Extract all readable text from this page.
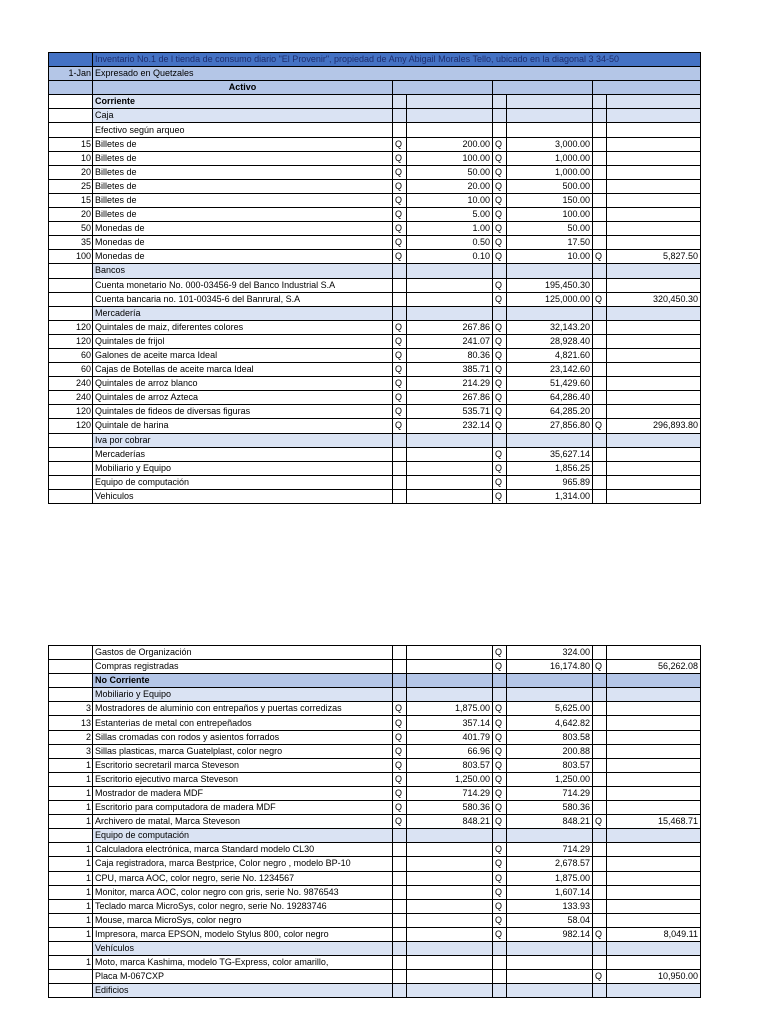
	Inventario No.1 de l tienda de consumo diario "El Provenir", propiedad de Amy Abigail Morales Tello, ubicado en la diagonal 3 34-50						
1-Jan	Expresado en Quetzales						
	Activo						
	Corriente						
	Caja						
	Efectivo según arqueo						
15	Billetes de	Q	200.00	Q	3,000.00		
10	Billetes de	Q	100.00	Q	1,000.00		
20	Billetes de	Q	50.00	Q	1,000.00		
25	Billetes de	Q	20.00	Q	500.00		
15	Billetes de	Q	10.00	Q	150.00		
20	Billetes de	Q	5.00	Q	100.00		
50	Monedas de	Q	1.00	Q	50.00		
35	Monedas de	Q	0.50	Q	17.50		
100	Monedas de	Q	0.10	Q	10.00	Q	5,827.50
	Bancos						
	Cuenta monetario No. 000-03456-9 del Banco Industrial S.A			Q	195,450.30		
	Cuenta bancaria no. 101-00345-6 del Banrural, S.A			Q	125,000.00	Q	320,450.30
	Mercadería						
120	Quintales de maiz, diferentes colores	Q	267.86	Q	32,143.20		
120	Quintales de frijol	Q	241.07	Q	28,928.40		
60	Galones de aceite marca Ideal	Q	80.36	Q	4,821.60		
60	Cajas de Botellas de aceite marca Ideal	Q	385.71	Q	23,142.60		
240	Quintales de arroz blanco	Q	214.29	Q	51,429.60		
240	Quintales de arroz Azteca	Q	267.86	Q	64,286.40		
120	Quintales de fideos de diversas figuras	Q	535.71	Q	64,285.20		
120	Quintale de harina	Q	232.14	Q	27,856.80	Q	296,893.80
	Iva por cobrar						
	Mercaderías			Q	35,627.14		
	Mobiliario y Equipo			Q	1,856.25		
	Equipo de computación			Q	965.89		
	Vehiculos			Q	1,314.00		
	Gastos de Organización			Q	324.00		
	Compras registradas			Q	16,174.80	Q	56,262.08
	No Corriente						
	Mobiliario y Equipo						
3	Mostradores de aluminio con entrepaños y puertas corredizas	Q	1,875.00	Q	5,625.00		
13	Estanterias de metal con entrepeñados	Q	357.14	Q	4,642.82		
2	Sillas cromadas con rodos y asientos forrados	Q	401.79	Q	803.58		
3	Sillas plasticas, marca Guatelplast, color negro	Q	66.96	Q	200.88		
1	Escritorio secretaril marca Steveson	Q	803.57	Q	803.57		
1	Escritorio ejecutivo marca Steveson	Q	1,250.00	Q	1,250.00		
1	Mostrador de madera MDF	Q	714.29	Q	714.29		
1	Escritorio para computadora de madera MDF	Q	580.36	Q	580.36		
1	Archivero de matal, Marca Steveson	Q	848.21	Q	848.21	Q	15,468.71
	Equipo de computación						
1	Calculadora electrónica, marca Standard modelo CL30			Q	714.29		
1	Caja registradora, marca Bestprice, Color negro , modelo BP-10			Q	2,678.57		
1	CPU, marca AOC, color negro, serie No. 1234567			Q	1,875.00		
1	Monitor, marca AOC, color negro con gris, serie No. 9876543			Q	1,607.14		
1	Teclado marca MicroSys, color negro, serie No. 19283746			Q	133.93		
1	Mouse, marca MicroSys, color negro			Q	58.04		
1	Impresora, marca EPSON, modelo Stylus 800, color negro			Q	982.14	Q	8,049.11
	Vehículos						
1	Moto, marca Kashima, modelo TG-Express, color amarillo,						
	Placa M-067CXP					Q	10,950.00
	Edificios						
